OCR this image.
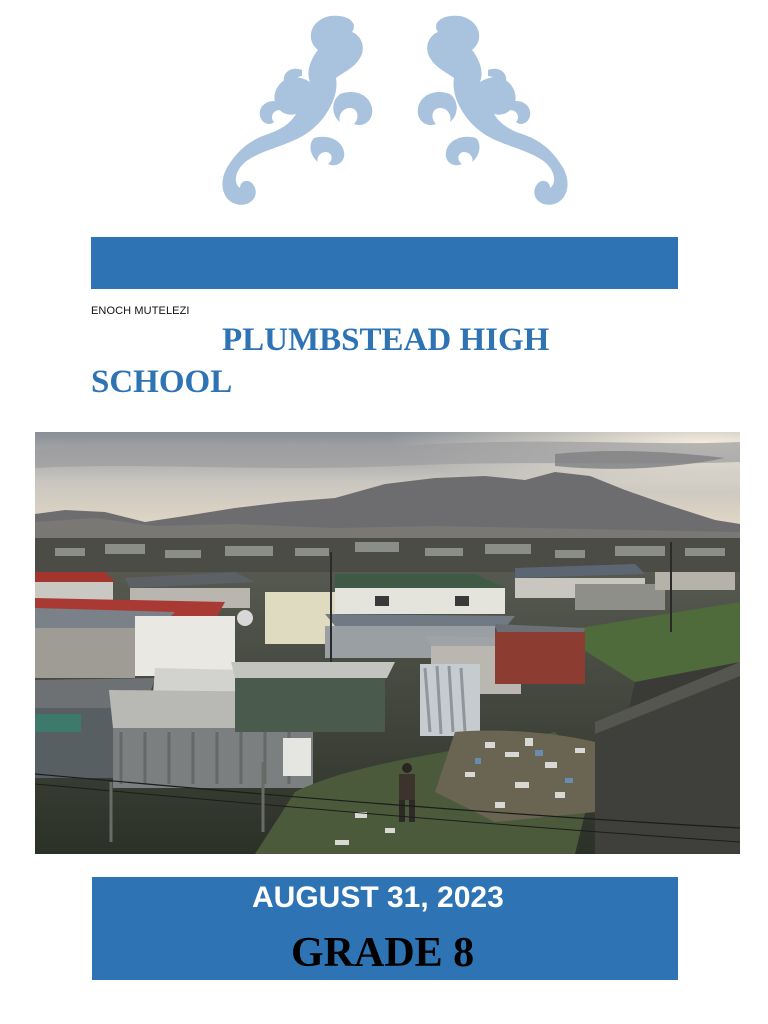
ENOCH MUTELEZI
PLUMBSTEAD HIGH
SCHOOL
AUGUST 31, 2023
GRADE 8
